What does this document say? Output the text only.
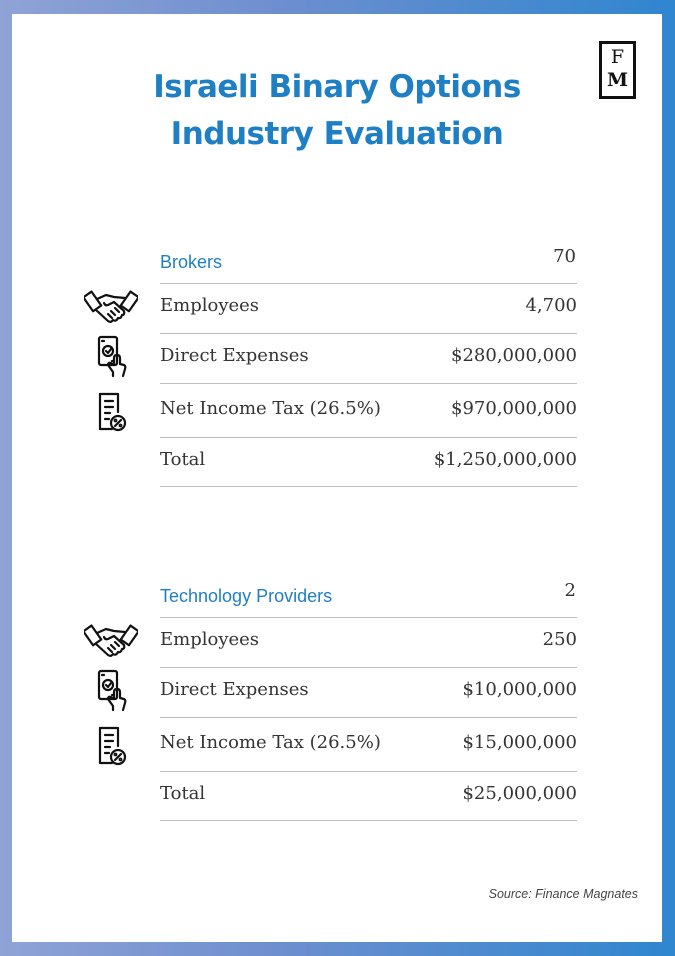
F
M
Israeli Binary Options
Industry Evaluation
Brokers	70
Employees	4,700
Direct Expenses	$280,000,000
Net Income Tax (26.5%)	$970,000,000
Total	$1,250,000,000
Technology Providers	2
Employees	250
Direct Expenses	$10,000,000
Net Income Tax (26.5%)	$15,000,000
Total	$25,000,000
Source: Finance Magnates
